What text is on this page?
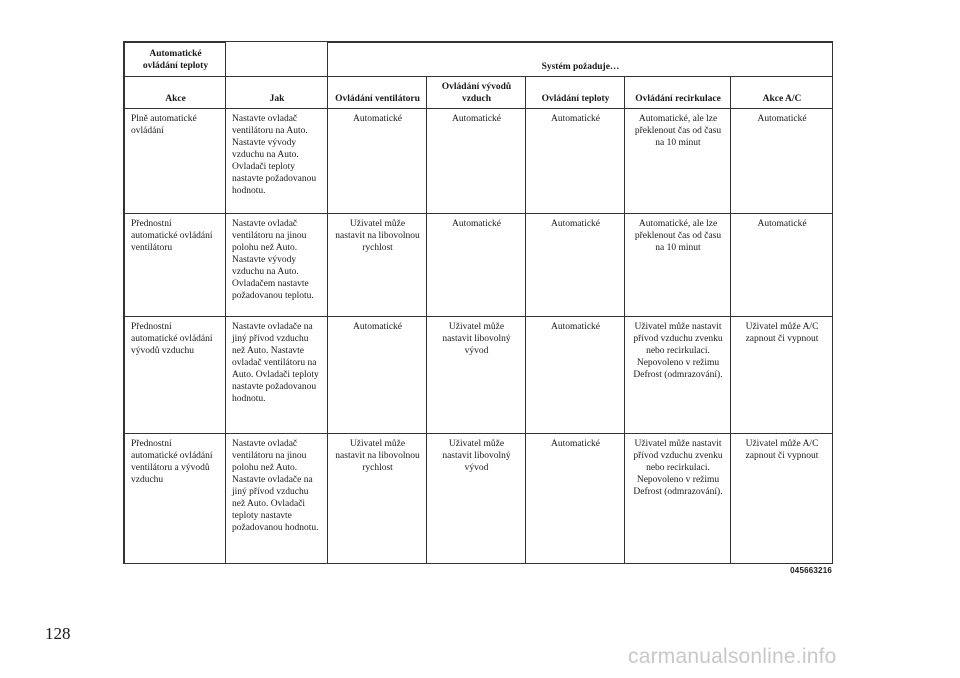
Automatické ovládání teploty		Systém požaduje…				
Akce	Jak	Ovládání ventilátoru	Ovládání vývodů vzduch	Ovládání teploty	Ovládání recirkulace	Akce A/C
Plně automatické ovládání	Nastavte ovladač ventilátoru na Auto. Nastavte vývody vzduchu na Auto. Ovladači teploty nastavte požadovanou hodnotu.	Automatické	Automatické	Automatické	Automatické, ale lze překlenout čas od času na 10 minut	Automatické
Přednostní automatické ovládání ventilátoru	Nastavte ovladač ventilátoru na jinou polohu než Auto. Nastavte vývody vzduchu na Auto. Ovladačem nastavte požadovanou teplotu.	Uživatel může nastavit na libovolnou rychlost	Automatické	Automatické	Automatické, ale lze překlenout čas od času na 10 minut	Automatické
Přednostní automatické ovládání vývodů vzduchu	Nastavte ovladače na jiný přívod vzduchu než Auto. Nastavte ovladač ventilátoru na Auto. Ovladači teploty nastavte požadovanou hodnotu.	Automatické	Uživatel může nastavit libovolný vývod	Automatické	Uživatel může nastavit přívod vzduchu zvenku nebo recirkulaci. Nepovoleno v režimu Defrost (odmrazování).	Uživatel může A/C zapnout či vypnout
Přednostní automatické ovládání ventilátoru a vývodů vzduchu	Nastavte ovladač ventilátoru na jinou polohu než Auto. Nastavte ovladače na jiný přívod vzduchu než Auto. Ovladači teploty nastavte požadovanou hodnotu.	Uživatel může nastavit na libovolnou rychlost	Uživatel může nastavit libovolný vývod	Automatické	Uživatel může nastavit přívod vzduchu zvenku nebo recirkulaci. Nepovoleno v režimu Defrost (odmrazování).	Uživatel může A/C zapnout či vypnout
045663216
128
carmanualsonline.info
